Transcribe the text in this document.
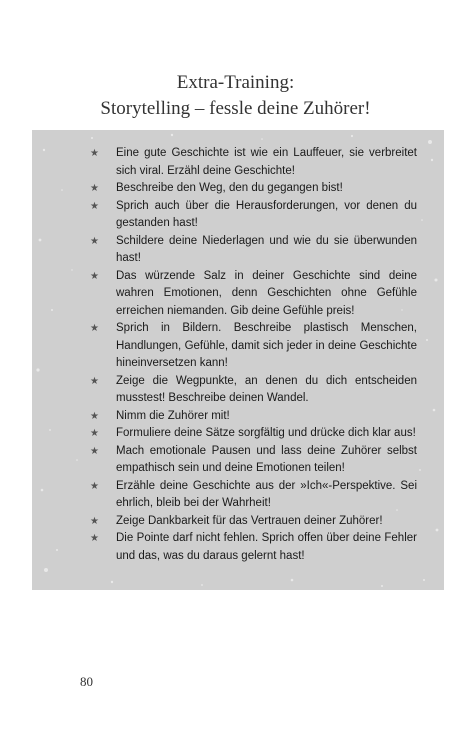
Extra-Training:
Storytelling – fessle deine Zuhörer!
★ Eine gute Geschichte ist wie ein Lauffeuer, sie verbreitet sich viral. Erzähl deine Geschichte!
★ Beschreibe den Weg, den du gegangen bist!
★ Sprich auch über die Herausforderungen, vor denen du gestanden hast!
★ Schildere deine Niederlagen und wie du sie überwunden hast!
★ Das würzende Salz in deiner Geschichte sind deine wahren Emotionen, denn Geschichten ohne Gefühle erreichen niemanden. Gib deine Gefühle preis!
★ Sprich in Bildern. Beschreibe plastisch Menschen, Handlungen, Gefühle, damit sich jeder in deine Geschichte hineinversetzen kann!
★ Zeige die Wegpunkte, an denen du dich entscheiden musstest! Beschreibe deinen Wandel.
★ Nimm die Zuhörer mit!
★ Formuliere deine Sätze sorgfältig und drücke dich klar aus!
★ Mach emotionale Pausen und lass deine Zuhörer selbst empathisch sein und deine Emotionen teilen!
★ Erzähle deine Geschichte aus der »Ich«-Perspektive. Sei ehrlich, bleib bei der Wahrheit!
★ Zeige Dankbarkeit für das Vertrauen deiner Zuhörer!
★ Die Pointe darf nicht fehlen. Sprich offen über deine Fehler und das, was du daraus gelernt hast!
80
